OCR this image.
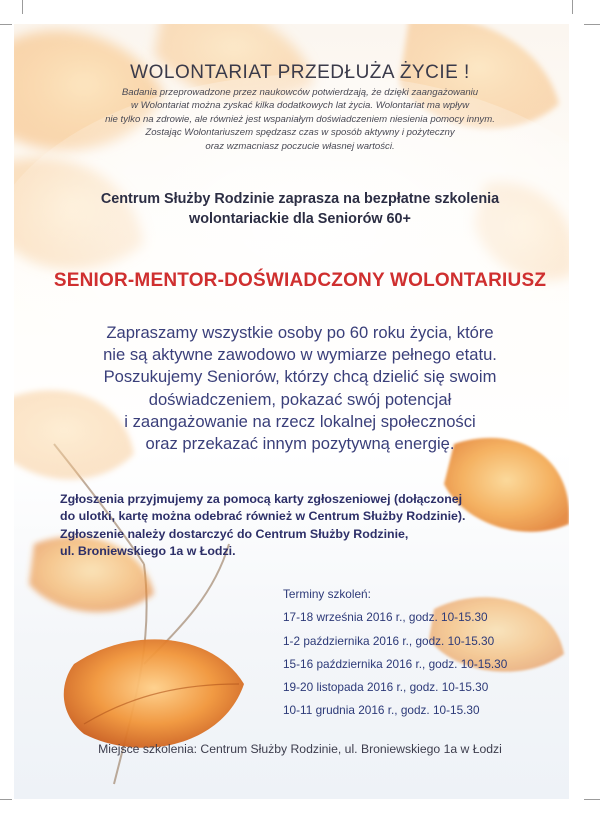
WOLONTARIAT PRZEDŁUŻA ŻYCIE !
Badania przeprowadzone przez naukowców potwierdzają, że dzięki zaangażowaniu
w Wolontariat można zyskać kilka dodatkowych lat życia. Wolontariat ma wpływ
nie tylko na zdrowie, ale również jest wspaniałym doświadczeniem niesienia pomocy innym.
Zostając Wolontariuszem spędzasz czas w sposób aktywny i pożyteczny
oraz wzmacniasz poczucie własnej wartości.
Centrum Służby Rodzinie zaprasza na bezpłatne szkolenia
wolontariackie dla Seniorów 60+
SENIOR-MENTOR-DOŚWIADCZONY WOLONTARIUSZ
Zapraszamy wszystkie osoby po 60 roku życia, które
nie są aktywne zawodowo w wymiarze pełnego etatu.
Poszukujemy Seniorów, którzy chcą dzielić się swoim
doświadczeniem, pokazać swój potencjał
i zaangażowanie na rzecz lokalnej społeczności
oraz przekazać innym pozytywną energię.
Zgłoszenia przyjmujemy za pomocą karty zgłoszeniowej (dołączonej
do ulotki, kartę można odebrać również w Centrum Służby Rodzinie).
Zgłoszenie należy dostarczyć do Centrum Służby Rodzinie,
ul. Broniewskiego 1a w Łodzi.
Terminy szkoleń:
17-18 września 2016 r., godz. 10-15.30
1-2 października 2016 r., godz. 10-15.30
15-16 października 2016 r., godz. 10-15.30
19-20 listopada 2016 r., godz. 10-15.30
10-11 grudnia 2016 r., godz. 10-15.30
Miejsce szkolenia: Centrum Służby Rodzinie, ul. Broniewskiego 1a w Łodzi
